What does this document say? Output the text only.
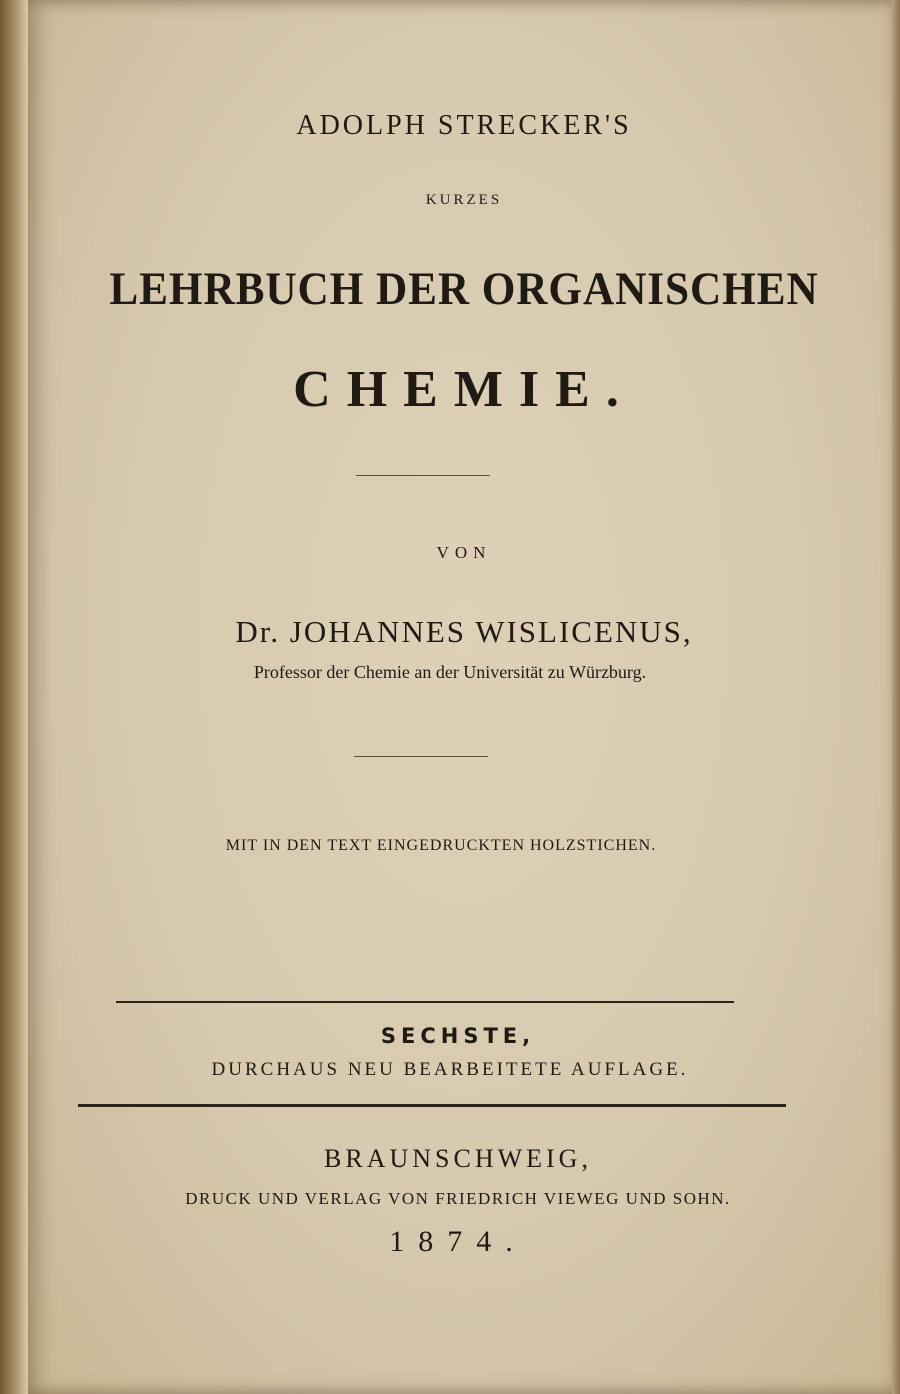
ADOLPH STRECKER'S
KURZES
LEHRBUCH DER ORGANISCHEN
CHEMIE.
VON
Dr. JOHANNES WISLICENUS,
Professor der Chemie an der Universität zu Würzburg.
MIT IN DEN TEXT EINGEDRUCKTEN HOLZSTICHEN.
SECHSTE,
DURCHAUS NEU BEARBEITETE AUFLAGE.
BRAUNSCHWEIG,
DRUCK UND VERLAG VON FRIEDRICH VIEWEG UND SOHN.
1874.
